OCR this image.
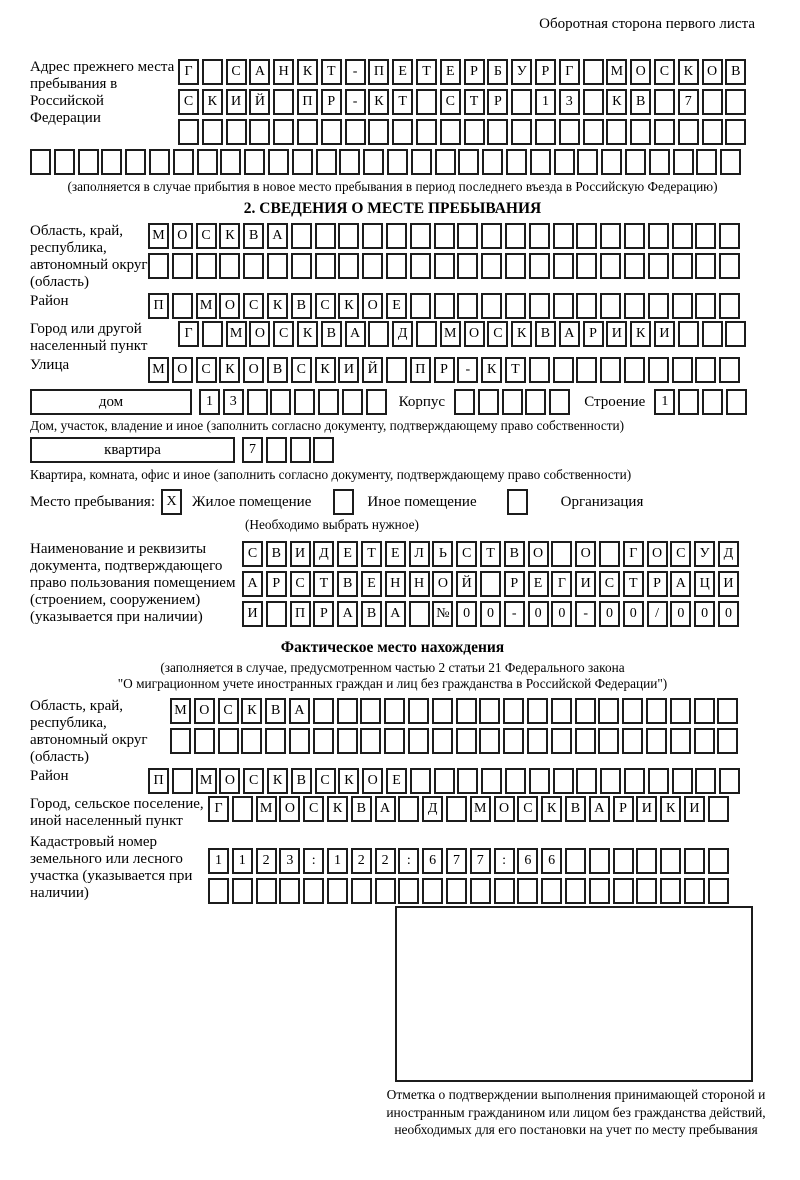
Оборотная сторона первого листа
Адрес прежнего места пребывания в Российской Федерации
Г	С	А Н	К	Т	-	П	Е	Т	Е	Р	Б	У	Р	Г	М О	С	К	О	В
С	К	И Й	П	Р	-	К	Т	С	Т	Р	1	3	К	В	7
(заполняется в случае прибытия в новое место пребывания в период последнего въезда в Российскую Федерацию)
2. СВЕДЕНИЯ О МЕСТЕ ПРЕБЫВАНИЯ
Область, край, республика, автономный округ (область)
М О	С	К	В	А
Район	П	М О	С	К	В	С	К	О	Е
Город или другой населенный пункт
Г	М О	С	К	В	А	Д	М О	С	К	В	А	Р	И	К	И
Улица	М О	С	К	О	В	С	К	И Й	П	Р	-	К	Т
дом	1	3	Корпус	Строение	1
Дом, участок, владение и иное (заполнить согласно документу, подтверждающему право собственности)
квартира	7
Квартира, комната, офис и иное (заполнить согласно документу, подтверждающему право собственности)
Место пребывания: X	Жилое помещение	Иное помещение	Организация
(Необходимо выбрать нужное)
Наименование и реквизиты документа, подтверждающего право пользования помещением (строением, сооружением) (указывается при наличии)
С	В	И Д	Е	Т	Е	Л	Ь	С	Т	В	О	О	Г	О	С	У	Д
А	Р	С	Т	В	Е	Н Н О Й	Р	Е	Г	И	С	Т	Р	А Ц И
И	П	Р	А	В	А	№ 0	0	-	0	0	-	0	0	/	0	0	0
Фактическое место нахождения
(заполняется в случае, предусмотренном частью 2 статьи 21 Федерального закона
"О миграционном учете иностранных граждан и лиц без гражданства в Российской Федерации")
Область, край, республика, автономный округ (область)
М О	С	К	В	А
Район	П	М О	С	К	В	С	К	О	Е
Город, сельское поселение, иной населенный пункт
Г	М О	С	К	В	А	Д	М О	С	К	В	А	Р	И	К	И
Кадастровый номер земельного или лесного участка (указывается при наличии)
1	1	2	3	:	1	2	2	:	6	7	7	:	6	6
Отметка о подтверждении выполнения принимающей стороной и иностранным гражданином или лицом без гражданства действий, необходимых для его постановки на учет по месту пребывания
